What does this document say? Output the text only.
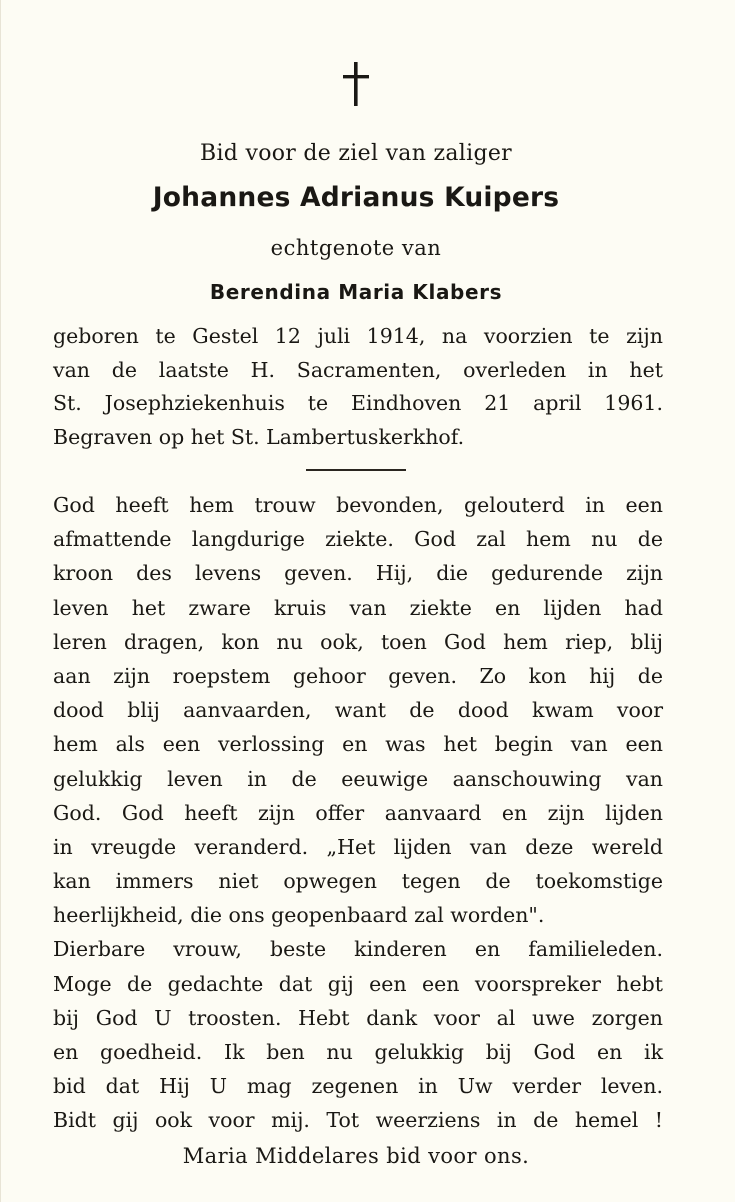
Bid voor de ziel van zaliger
Johannes Adrianus Kuipers
echtgenote van
Berendina Maria Klabers
geboren te Gestel 12 juli 1914, na voorzien te zijn
van de laatste H. Sacramenten, overleden in het
St. Josephziekenhuis te Eindhoven 21 april 1961.
Begraven op het St. Lambertuskerkhof.
God heeft hem trouw bevonden, gelouterd in een
afmattende langdurige ziekte. God zal hem nu de
kroon des levens geven. Hij, die gedurende zijn
leven het zware kruis van ziekte en lijden had
leren dragen, kon nu ook, toen God hem riep, blij
aan zijn roepstem gehoor geven. Zo kon hij de
dood blij aanvaarden, want de dood kwam voor
hem als een verlossing en was het begin van een
gelukkig leven in de eeuwige aanschouwing van
God. God heeft zijn offer aanvaard en zijn lijden
in vreugde veranderd. „Het lijden van deze wereld
kan immers niet opwegen tegen de toekomstige
heerlijkheid, die ons geopenbaard zal worden".
Dierbare vrouw, beste kinderen en familieleden.
Moge de gedachte dat gij een een voorspreker hebt
bij God U troosten. Hebt dank voor al uwe zorgen
en goedheid. Ik ben nu gelukkig bij God en ik
bid dat Hij U mag zegenen in Uw verder leven.
Bidt gij ook voor mij. Tot weerziens in de hemel !
Maria Middelares bid voor ons.
